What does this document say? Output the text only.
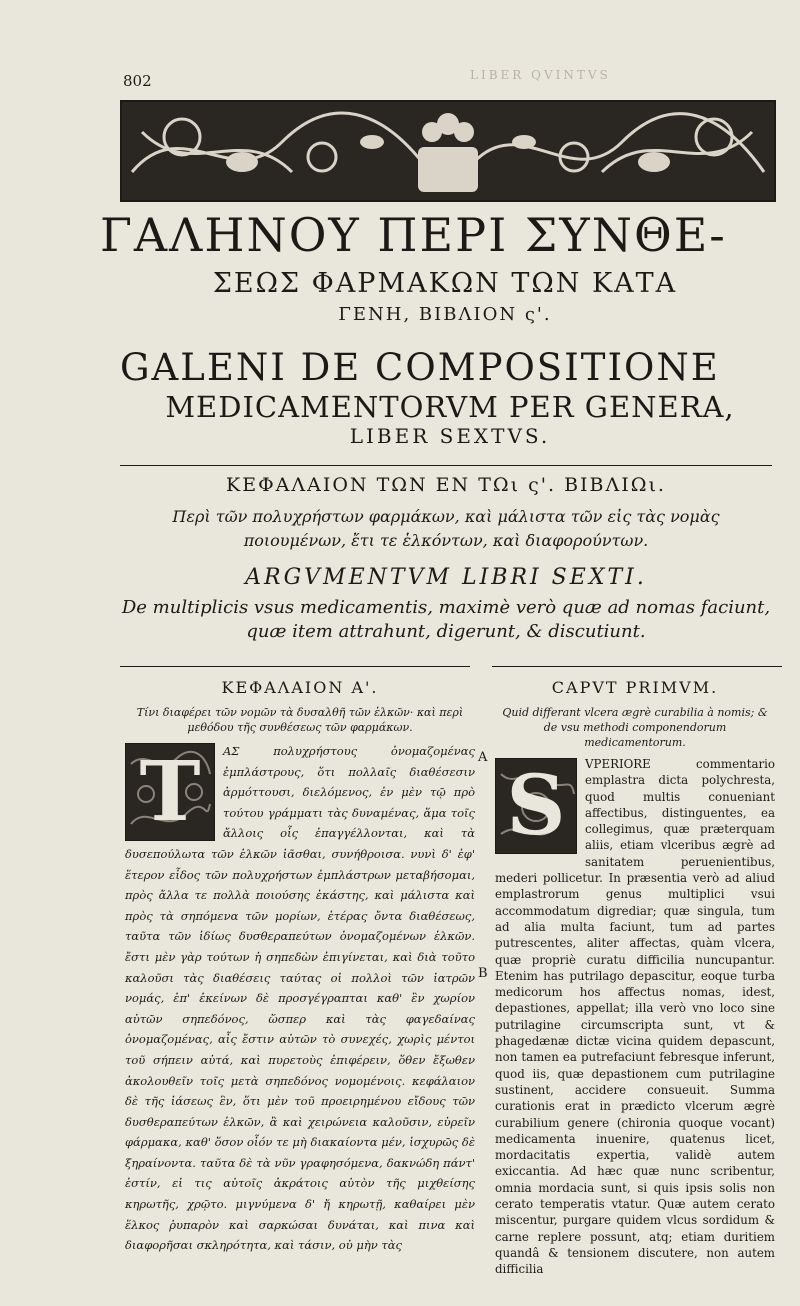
802	LIBER QVINTVS
ΓΑΛΗΝΟΥ ΠΕΡΙ ΣΥΝΘΕ-
ΣΕΩΣ ΦΑΡΜΑΚΩΝ ΤΩΝ ΚΑΤΑ
ΓΕΝΗ, ΒΙΒΛΙΟΝ ς'.
GALENI DE COMPOSITIONE
MEDICAMENTORVM PER GENERA,
LIBER SEXTVS.
ΚΕΦΑΛΑΙΟΝ ΤΩΝ ΕΝ ΤΩι ς'. ΒΙΒΛΙΩι.
Περὶ τῶν πολυχρήστων φαρμάκων, καὶ μάλιστα τῶν εἰς τὰς νομὰς ποιουμένων, ἔτι τε ἑλκόντων, καὶ διαφορούντων.
ARGVMENTVM LIBRI SEXTI.
De multiplicis vsus medicamentis, maximè verò quæ ad nomas faciunt, quæ item attrahunt, digerunt, & discutiunt.
ΚΕΦΑΛΑΙΟΝ Α'.
Τίνι διαφέρει τῶν νομῶν τὰ δυσαλθῆ τῶν ἑλκῶν· καὶ περὶ μεθόδου τῆς συνθέσεως τῶν φαρμάκων.
T	ΑΣ πολυχρήστους ὀνομαζομένας ἐμπλάστρους, ὅτι πολλαῖς διαθέσεσιν ἁρμόττουσι, διελόμενος, ἐν μὲν τῷ πρὸ τούτου γράμματι τὰς δυναμένας, ἅμα τοῖς ἄλλοις οἷς ἐπαγγέλλονται, καὶ τὰ δυσεπούλωτα τῶν ἑλκῶν ἰᾶσθαι, συνήθροισα. νυνὶ δ' ἐφ' ἕτερον εἶδος τῶν πολυχρήστων ἐμπλάστρων μεταβήσομαι, πρὸς ἄλλα τε πολλὰ ποιούσης ἑκάστης, καὶ μάλιστα καὶ πρὸς τὰ σηπόμενα τῶν μορίων, ἑτέρας ὄντα διαθέσεως, ταῦτα τῶν ἰδίως δυσθεραπεύτων ὀνομαζομένων ἑλκῶν. ἔστι μὲν γὰρ τούτων ἡ σηπεδὼν ἐπιγίνεται, καὶ διὰ τοῦτο καλοῦσι τὰς διαθέσεις ταύτας οἱ πολλοὶ τῶν ἰατρῶν νομάς, ἐπ' ἐκείνων δὲ προσγέγραπται καθ' ἓν χωρίον αὐτῶν σηπεδόνος, ὥσπερ καὶ τὰς φαγεδαίνας ὀνομαζομένας, αἷς ἔστιν αὐτῶν τὸ συνεχές, χωρὶς μέντοι τοῦ σήπειν αὐτά, καὶ πυρετοὺς ἐπιφέρειν, ὅθεν ἔξωθεν ἀκολουθεῖν τοῖς μετὰ σηπεδόνος νομομένοις. κεφάλαιον δὲ τῆς ἰάσεως ἓν, ὅτι μὲν τοῦ προειρημένου εἴδους τῶν δυσθεραπεύτων ἑλκῶν, ἃ καὶ χειρώνεια καλοῦσιν, εὑρεῖν φάρμακα, καθ' ὅσον οἷόν τε μὴ διακαίοντα μέν, ἰσχυρῶς δὲ ξηραίνοντα. ταῦτα δὲ τὰ νῦν γραφησόμενα, δακνώδη πάντ' ἐστίν, εἰ τις αὐτοῖς ἀκράτοις αὐτὸν τῆς μιχθείσης κηρωτῆς, χρῷτο. μιγνύμενα δ' ἤ κηρωτῇ, καθαίρει μὲν ἕλκος ῥυπαρὸν καὶ σαρκώσαι δυνάται, καὶ πινα καὶ διαφορῆσαι σκληρότητα, καὶ τάσιν, οὐ μὴν τὰς
CAPVT PRIMVM.
Quid differant vlcera ægrè curabilia à nomis; & de vsu methodi componendorum medicamentorum.
S	VPERIORE commentario emplastra dicta polychresta, quod multis conueniant affectibus, distinguentes, ea collegimus, quæ præterquam aliis, etiam vlceribus ægrè ad sanitatem peruenientibus, mederi pollicetur. In præsentia verò ad aliud emplastrorum genus multiplici vsui accommodatum digrediar; quæ singula, tum ad alia multa faciunt, tum ad partes putrescentes, aliter affectas, quàm vlcera, quæ propriè curatu difficilia nuncupantur. Etenim has putrilago depascitur, eoque turba medicorum hos affectus nomas, idest, depastiones, appellat; illa verò vno loco sine putrilagine circumscripta sunt, vt & phagedænæ dictæ vicina quidem depascunt, non tamen ea putrefaciunt febresque inferunt, quod iis, quæ depastionem cum putrilagine sustinent, accidere consueuit. Summa curationis erat in prædicto vlcerum ægrè curabilium genere (chironia quoque vocant) medicamenta inuenire, quatenus licet, mordacitatis expertia, validè autem exiccantia. Ad hæc quæ nunc scribentur, omnia mordacia sunt, si quis ipsis solis non cerato temperatis vtatur. Quæ autem cerato miscentur, purgare quidem vlcus sordidum & carne replere possunt, atq; etiam duritiem quandâ & tensionem discutere, non autem difficilia
A
B
